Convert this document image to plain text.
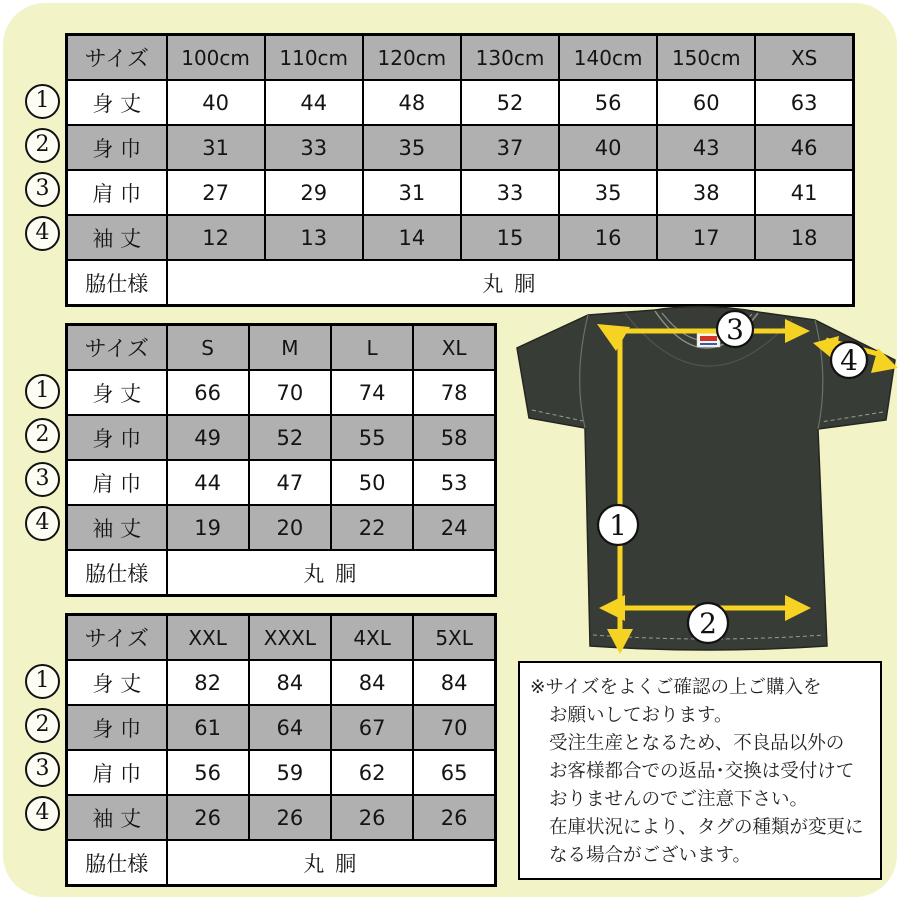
1
2
3
4
サイズ	100cm	110cm	120cm	130cm	140cm	150cm	XS
身 丈	40	44	48	52	56	60	63
身 巾	31	33	35	37	40	43	46
肩 巾	27	29	31	33	35	38	41
袖 丈	12	13	14	15	16	17	18
脇仕様	丸 胴						
1
2
3
4
サイズ	S	M	L	XL
身 丈	66	70	74	78
身 巾	49	52	55	58
肩 巾	44	47	50	53
袖 丈	19	20	22	24
脇仕様	丸 胴			
1
2
3
4
サイズ	XXL	XXXL	4XL	5XL
身 丈	82	84	84	84
身 巾	61	64	67	70
肩 巾	56	59	62	65
袖 丈	26	26	26	26
脇仕様	丸 胴			
1
2
3
4
※サイズをよくご確認の上ご購入を
お願いしております。
受注生産となるため、不良品以外の
お客様都合での返品･交換は受付けて
おりませんのでご注意下さい。
在庫状況により、タグの種類が変更に
なる場合がございます。
